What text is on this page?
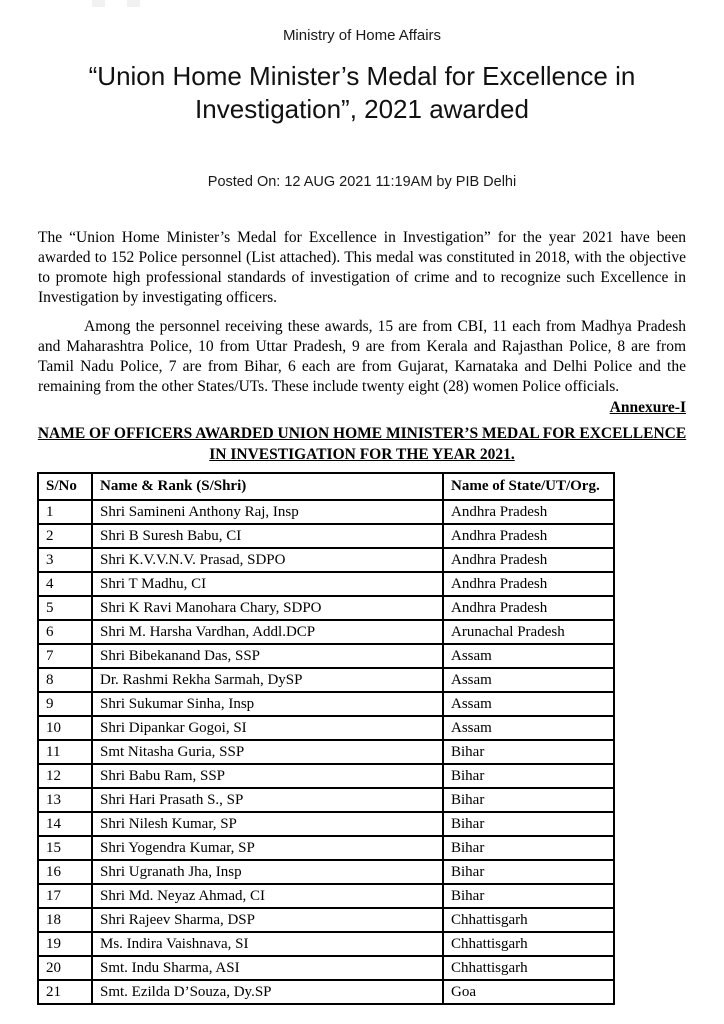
Ministry of Home Affairs
“Union Home Minister’s Medal for Excellence in Investigation”, 2021 awarded
Posted On: 12 AUG 2021 11:19AM by PIB Delhi

The “Union Home Minister’s Medal for Excellence in Investigation” for the year 2021 have been awarded to 152 Police personnel (List attached). This medal was constituted in 2018, with the objective to promote high professional standards of investigation of crime and to recognize such Excellence in Investigation by investigating officers.

Among the personnel receiving these awards, 15 are from CBI, 11 each from Madhya Pradesh and Maharashtra Police, 10 from Uttar Pradesh, 9 are from Kerala and Rajasthan Police, 8 are from Tamil Nadu Police, 7 are from Bihar, 6 each are from Gujarat, Karnataka and Delhi Police and the remaining from the other States/UTs. These include twenty eight (28) women Police officials.

Annexure-I
NAME OF OFFICERS AWARDED UNION HOME MINISTER’S MEDAL FOR EXCELLENCE IN INVESTIGATION FOR THE YEAR 2021.
S/No	Name & Rank (S/Shri)	Name of State/UT/Org.
1	Shri Samineni Anthony Raj, Insp	Andhra Pradesh
2	Shri B Suresh Babu, CI	Andhra Pradesh
3	Shri K.V.V.N.V. Prasad, SDPO	Andhra Pradesh
4	Shri T Madhu, CI	Andhra Pradesh
5	Shri K Ravi Manohara Chary, SDPO	Andhra Pradesh
6	Shri M. Harsha Vardhan, Addl.DCP	Arunachal Pradesh
7	Shri Bibekanand Das, SSP	Assam
8	Dr. Rashmi Rekha Sarmah, DySP	Assam
9	Shri Sukumar Sinha, Insp	Assam
10	Shri Dipankar Gogoi, SI	Assam
11	Smt Nitasha Guria, SSP	Bihar
12	Shri Babu Ram, SSP	Bihar
13	Shri Hari Prasath S., SP	Bihar
14	Shri Nilesh Kumar, SP	Bihar
15	Shri Yogendra Kumar, SP	Bihar
16	Shri Ugranath Jha, Insp	Bihar
17	Shri Md. Neyaz Ahmad, CI	Bihar
18	Shri Rajeev Sharma, DSP	Chhattisgarh
19	Ms. Indira Vaishnava, SI	Chhattisgarh
20	Smt. Indu Sharma, ASI	Chhattisgarh
21	Smt. Ezilda D’Souza, Dy.SP	Goa
